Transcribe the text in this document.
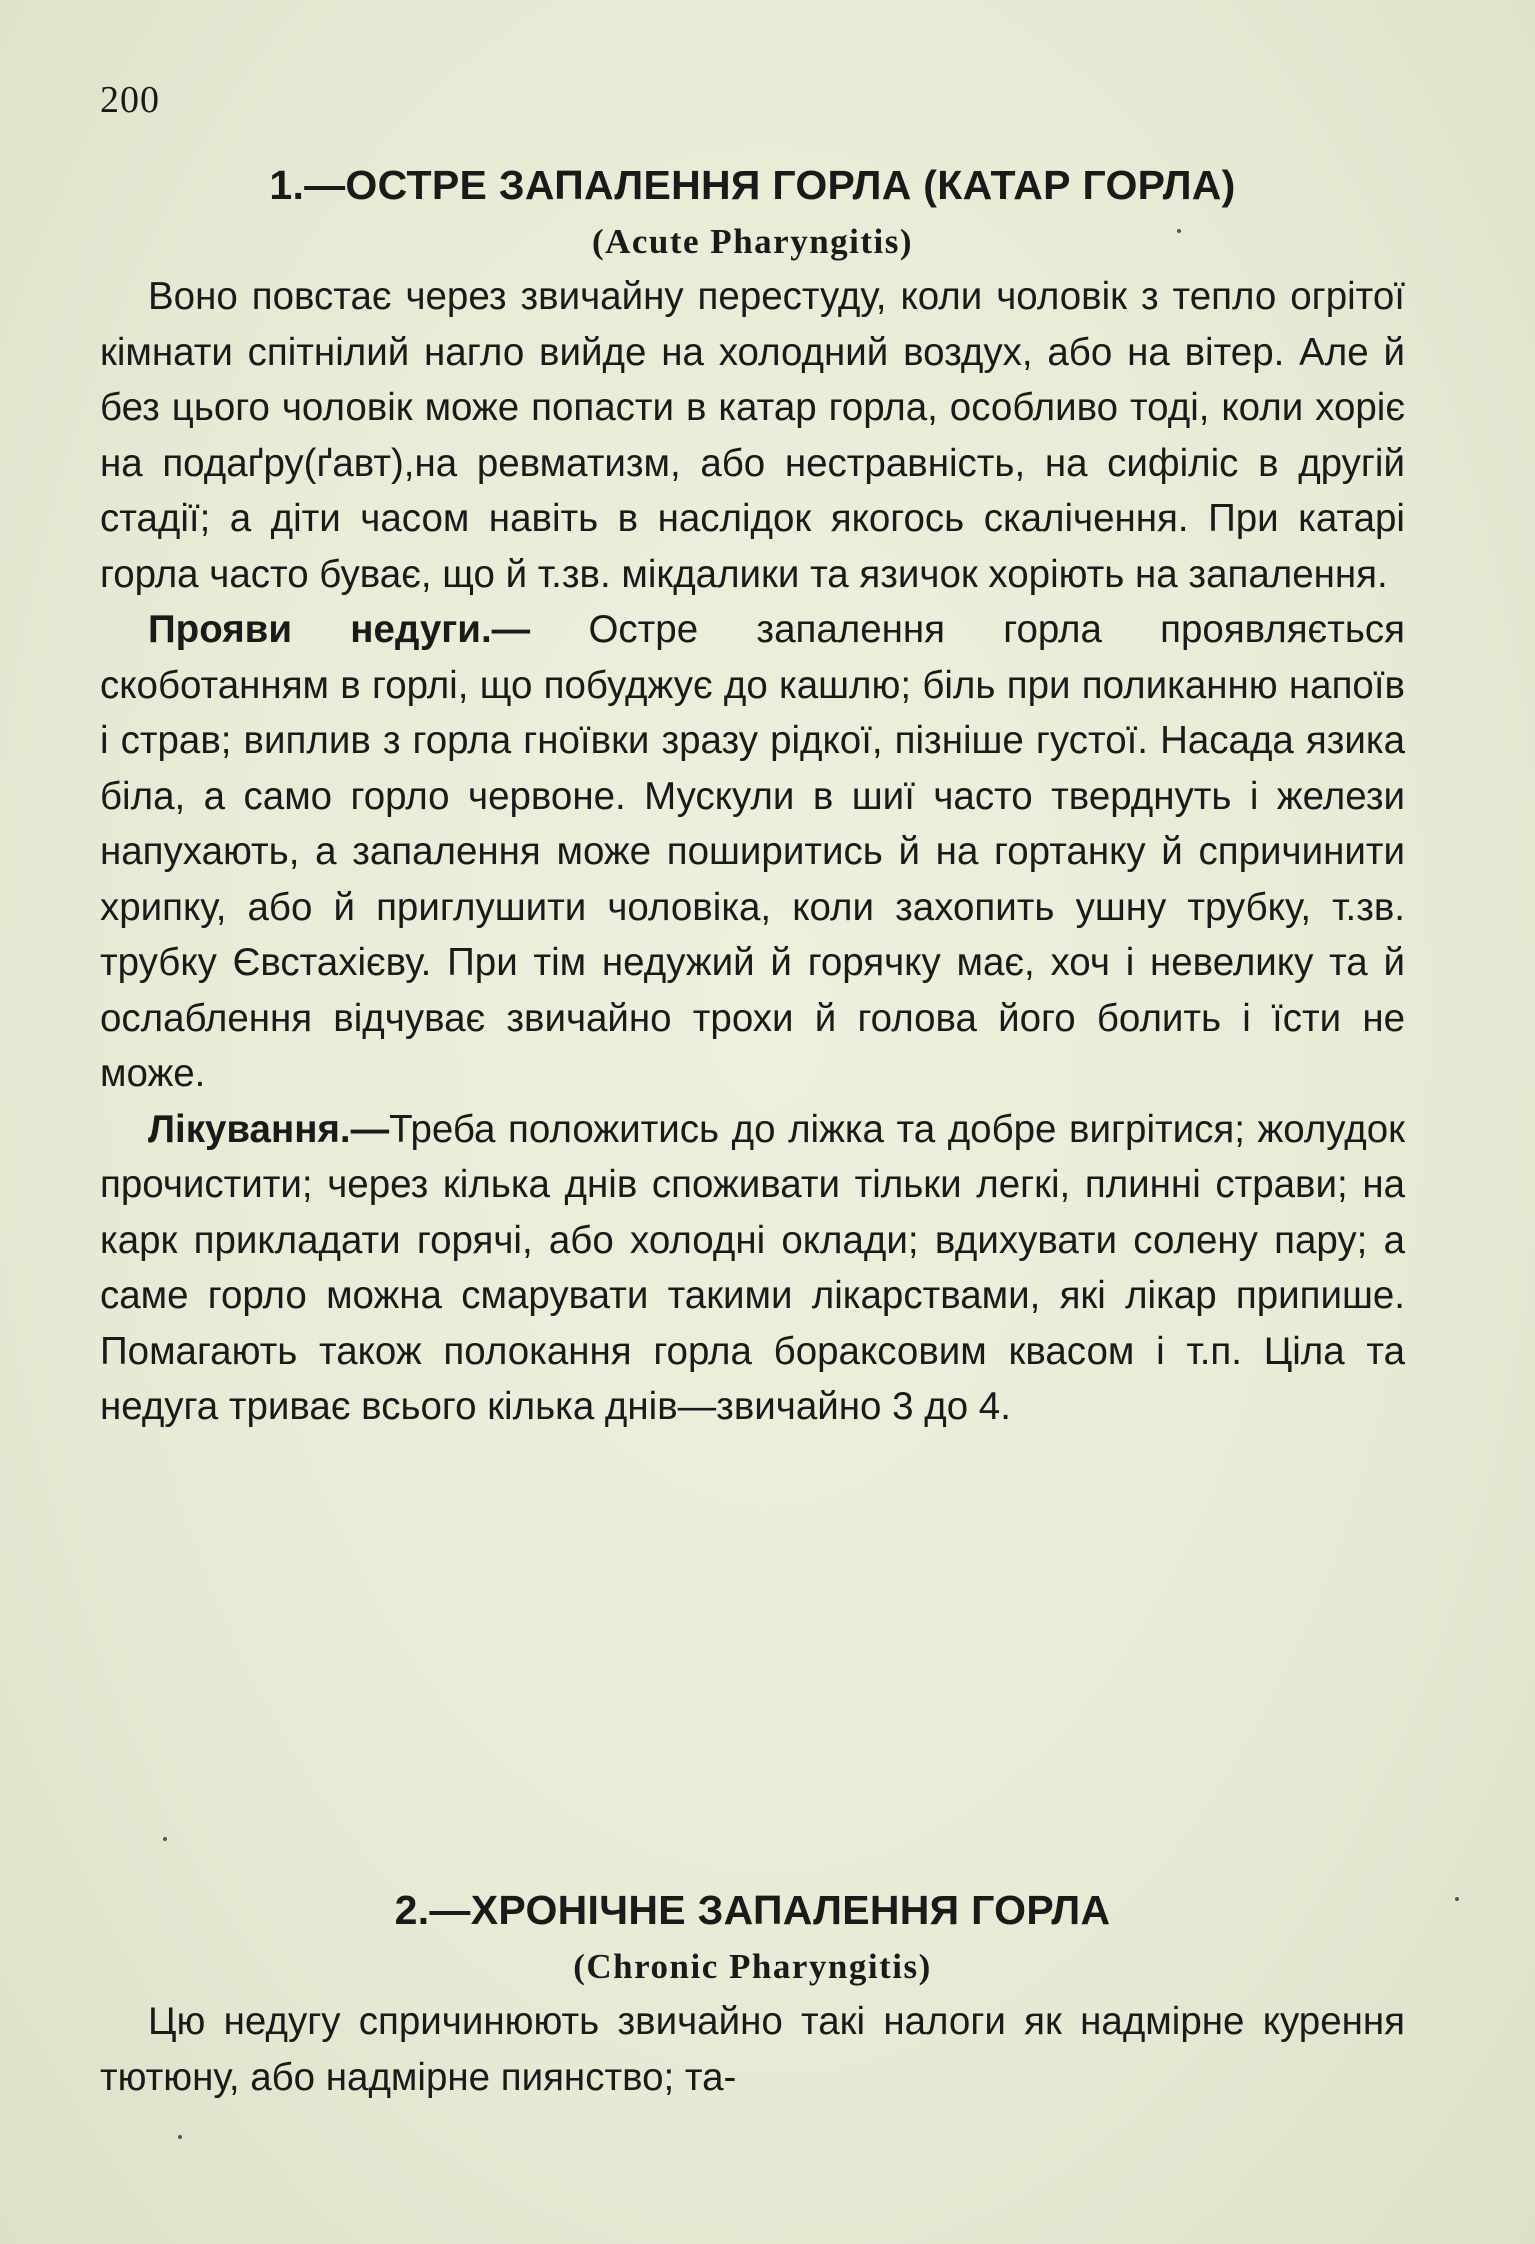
200
1.—ОСТРЕ ЗАПАЛЕННЯ ГОРЛА (КАТАР ГОРЛА)
(Acute Pharyngitis)

Воно повстає через звичайну перестуду, коли чоловік з тепло огрітої кімнати спітнілий нагло вийде на холодний воздух, або на вітер. Але й без цього чоловік може попасти в катар горла, особливо тоді, коли хоріє на подаґру(ґавт),на ревматизм, або нестравність, на сифіліс в другій стадії; а діти часом навіть в наслідок якогось скалічення. При катарі горла часто буває, що й т.зв. мікдалики та язичок хоріють на запалення.

Прояви недуги.— Остре запалення горла проявляється скоботанням в горлі, що побуджує до кашлю; біль при поликанню напоїв і страв; виплив з горла гноївки зразу рідкої, пізніше густої. Насада язика біла, а само горло червоне. Мускули в шиї часто тверднуть і желези напухають, а запалення може поширитись й на гортанку й спричинити хрипку, або й приглушити чоловіка, коли захопить ушну трубку, т.зв. трубку Євстахієву. При тім недужий й горячку має, хоч і невелику та й ослаблення відчуває звичайно трохи й голова його болить і їсти не може.

Лікування.—Треба положитись до ліжка та добре вигрітися; жолудок прочистити; через кілька днів споживати тільки легкі, плинні страви; на карк прикладати горячі, або холодні оклади; вдихувати солену пару; а саме горло можна смарувати такими лікарствами, які лікар припише. Помагають також полокання горла бораксовим квасом і т.п. Ціла та недуга триває всього кілька днів—звичайно 3 до 4.

2.—ХРОНІЧНЕ ЗАПАЛЕННЯ ГОРЛА
(Chronic Pharyngitis)

Цю недугу спричинюють звичайно такі налоги як надмірне курення тютюну, або надмірне пиянство; та-
